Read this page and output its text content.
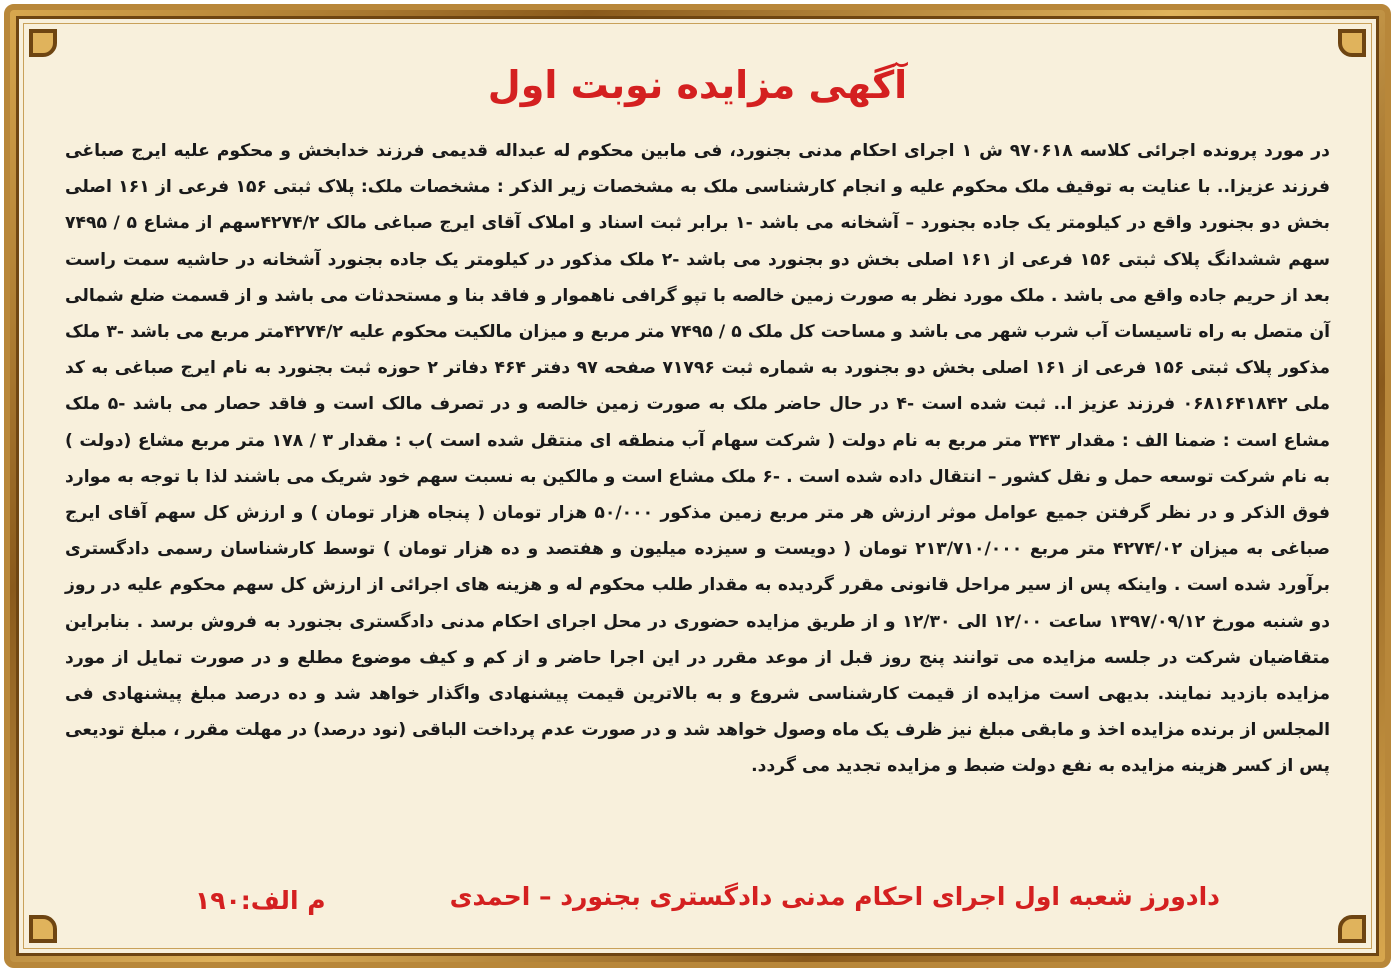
آگهی مزایده نوبت اول

در مورد پرونده اجرائی کلاسه ۹۷۰۶۱۸ ش ۱ اجرای احکام مدنی بجنورد، فی مابین محکوم له عبداله قدیمی فرزند خدابخش و محکوم علیه ایرج صباغی فرزند عزیزا.. با عنایت به توقیف ملک محکوم علیه و انجام کارشناسی ملک به مشخصات زیر الذکر : مشخصات ملک: پلاک ثبتی ۱۵۶ فرعی از ۱۶۱ اصلی بخش دو بجنورد واقع در کیلومتر یک جاده بجنورد – آشخانه می باشد -۱ برابر ثبت اسناد و املاک آقای ایرج صباغی مالک ۴۲۷۴/۲سهم از مشاع ۵ / ۷۴۹۵ سهم ششدانگ پلاک ثبتی ۱۵۶ فرعی از ۱۶۱ اصلی بخش دو بجنورد می باشد -۲ ملک مذکور در کیلومتر یک جاده بجنورد آشخانه در حاشیه سمت راست بعد از حریم جاده واقع می باشد . ملک مورد نظر به صورت زمین خالصه با تپو گرافی ناهموار و فاقد بنا و مستحدثات می باشد و از قسمت ضلع شمالی آن متصل به راه تاسیسات آب شرب شهر می باشد و مساحت کل ملک ۵ / ۷۴۹۵ متر مربع و میزان مالکیت محکوم علیه ۴۲۷۴/۲متر مربع می باشد -۳ ملک مذکور پلاک ثبتی ۱۵۶ فرعی از ۱۶۱ اصلی بخش دو بجنورد به شماره ثبت ۷۱۷۹۶ صفحه ۹۷ دفتر ۴۶۴ دفاتر ۲ حوزه ثبت بجنورد به نام ایرج صباغی به کد ملی ۰۶۸۱۶۴۱۸۴۲ فرزند عزیز ا.. ثبت شده است -۴ در حال حاضر ملک به صورت زمین خالصه و در تصرف مالک است و فاقد حصار می باشد -۵ ملک مشاع است : ضمنا الف : مقدار ۳۴۳ متر مربع به نام دولت ( شرکت سهام آب منطقه ای منتقل شده است )ب : مقدار ۳ / ۱۷۸ متر مربع مشاع (دولت ) به نام شرکت توسعه حمل و نقل کشور – انتقال داده شده است . -۶ ملک مشاع است و مالکین به نسبت سهم خود شریک می باشند لذا با توجه به موارد فوق الذکر و در نظر گرفتن جمیع عوامل موثر ارزش هر متر مربع زمین مذکور ۵۰/۰۰۰ هزار تومان ( پنجاه هزار تومان ) و ارزش کل سهم آقای ایرج صباغی به میزان ۴۲۷۴/۰۲ متر مربع ۲۱۳/۷۱۰/۰۰۰ تومان ( دویست و سیزده میلیون و هفتصد و ده هزار تومان ) توسط کارشناسان رسمی دادگستری برآورد شده است . واینکه پس از سیر مراحل قانونی مقرر گردیده به مقدار طلب محکوم له و هزینه های اجرائی از ارزش کل سهم محکوم علیه در روز دو شنبه مورخ ۱۳۹۷/۰۹/۱۲ ساعت ۱۲/۰۰ الی ۱۲/۳۰ و از طریق مزایده حضوری در محل اجرای احکام مدنی دادگستری بجنورد به فروش برسد . بنابراین متقاضیان شرکت در جلسه مزایده می توانند پنج روز قبل از موعد مقرر در این اجرا حاضر و از کم و کیف موضوع مطلع و در صورت تمایل از مورد مزایده بازدید نمایند. بدیهی است مزایده از قیمت کارشناسی شروع و به بالاترین قیمت پیشنهادی واگذار خواهد شد و ده درصد مبلغ پیشنهادی فی المجلس از برنده مزایده اخذ و مابقی مبلغ نیز ظرف یک ماه وصول خواهد شد و در صورت عدم پرداخت الباقی (نود درصد) در مهلت مقرر ، مبلغ تودیعی پس از کسر هزینه مزایده به نفع دولت ضبط و مزایده تجدید می گردد.

دادورز شعبه اول اجرای احکام مدنی دادگستری بجنورد – احمدی
م الف:۱۹۰
